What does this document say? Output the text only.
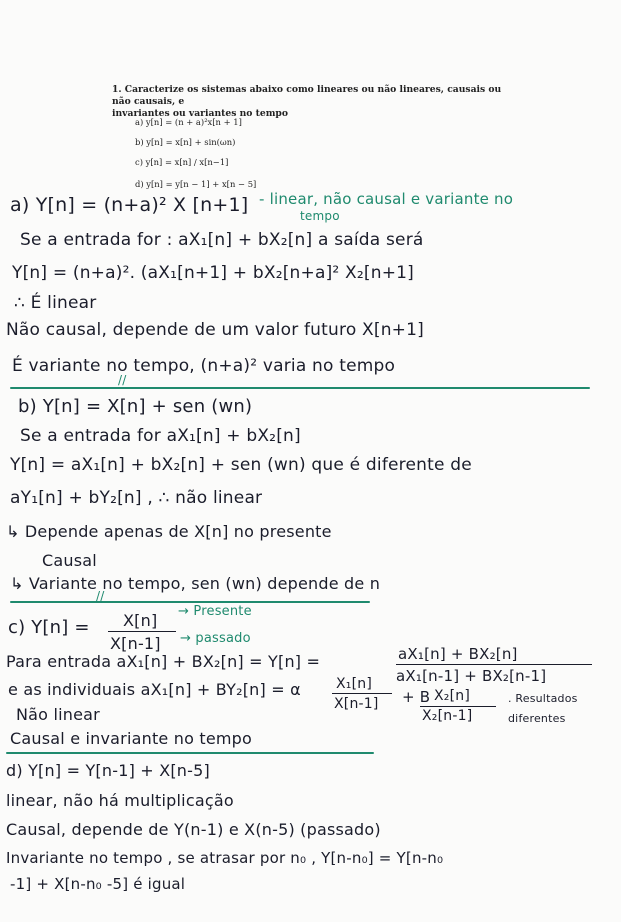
1. Caracterize os sistemas abaixo como lineares ou não lineares, causais ou não causais, e
invariantes ou variantes no tempo
a) y[n] = (n + a)²x[n + 1]
b) y[n] = x[n] + sin(ωn)
c) y[n] = x[n] / x[n−1]
d) y[n] = y[n − 1] + x[n − 5]
a) Y[n] = (n+a)² X [n+1] - linear, não causal e variante no
tempo
Se a entrada for : aX₁[n] + bX₂[n] a saída será
Y[n] = (n+a)². (aX₁[n+1] + bX₂[n+a]² X₂[n+1]
∴ É linear
Não causal, depende de um valor futuro X[n+1]
É variante no tempo, (n+a)² varia no tempo
//
b) Y[n] = X[n] + sen (wn)
Se a entrada for aX₁[n] + bX₂[n]
Y[n] = aX₁[n] + bX₂[n] + sen (wn) que é diferente de
aY₁[n] + bY₂[n] , ∴ não linear
↳ Depende apenas de X[n] no presente
Causal
↳ Variante no tempo, sen (wn) depende de n
//
c) Y[n] = X[n]
X[n-1]
→ Presente
→ passado
Para entrada aX₁[n] + BX₂[n] = Y[n] =	aX₁[n] + BX₂[n]
aX₁[n-1] + BX₂[n-1]
e as individuais aX₁[n] + BY₂[n] = α	X₁[n]
X[n-1] + B X₂[n]
X₂[n-1]
. Resultados
diferentes
Não linear
Causal e invariante no tempo
d) Y[n] = Y[n-1] + X[n-5]
linear, não há multiplicação
Causal, depende de Y(n-1) e X(n-5) (passado)
Invariante no tempo , se atrasar por n₀ , Y[n-n₀] = Y[n-n₀
-1] + X[n-n₀ -5] é igual
